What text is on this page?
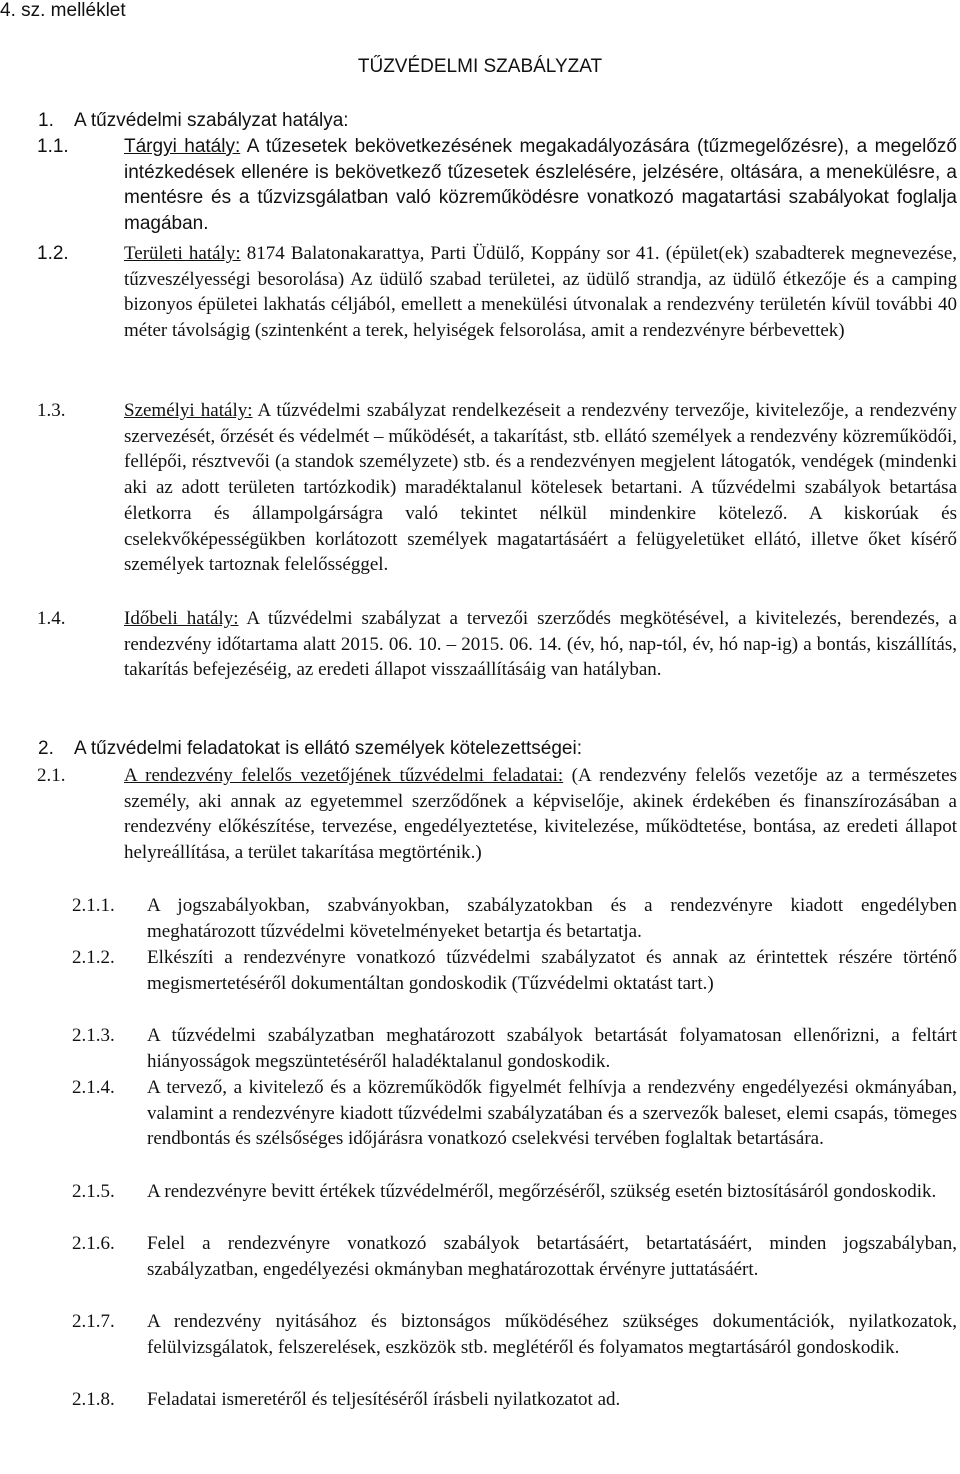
4. sz. melléklet
TŰZVÉDELMI SZABÁLYZAT
1. A tűzvédelmi szabályzat hatálya:
1.1.	Tárgyi hatály: A tűzesetek bekövetkezésének megakadályozására (tűzmegelőzésre), a megelőző intézkedések ellenére is bekövetkező tűzesetek észlelésére, jelzésére, oltására, a menekülésre, a mentésre és a tűzvizsgálatban való közreműködésre vonatkozó magatartási szabályokat foglalja magában.
1.2.	Területi hatály: 8174 Balatonakarattya, Parti Üdülő, Koppány sor 41. (épület(ek) szabadterek megnevezése, tűzveszélyességi besorolása) Az üdülő szabad területei, az üdülő strandja, az üdülő étkezője és a camping bizonyos épületei lakhatás céljából, emellett a menekülési útvonalak a rendezvény területén kívül további 40 méter távolságig (szintenként a terek, helyiségek felsorolása, amit a rendezvényre bérbevettek)
1.3.	Személyi hatály: A tűzvédelmi szabályzat rendelkezéseit a rendezvény tervezője, kivitelezője, a rendezvény szervezését, őrzését és védelmét – működését, a takarítást, stb. ellátó személyek a rendezvény közreműködői, fellépői, résztvevői (a standok személyzete) stb. és a rendezvényen megjelent látogatók, vendégek (mindenki aki az adott területen tartózkodik) maradéktalanul kötelesek betartani. A tűzvédelmi szabályok betartása életkorra és állampolgárságra való tekintet nélkül mindenkire kötelező. A kiskorúak és cselekvőképességükben korlátozott személyek magatartásáért a felügyeletüket ellátó, illetve őket kísérő személyek tartoznak felelősséggel.
1.4.	Időbeli hatály: A tűzvédelmi szabályzat a tervezői szerződés megkötésével, a kivitelezés, berendezés, a rendezvény időtartama alatt 2015. 06. 10. – 2015. 06. 14. (év, hó, nap-tól, év, hó nap-ig) a bontás, kiszállítás, takarítás befejezéséig, az eredeti állapot visszaállításáig van hatályban.
2. A tűzvédelmi feladatokat is ellátó személyek kötelezettségei:
2.1.	A rendezvény felelős vezetőjének tűzvédelmi feladatai: (A rendezvény felelős vezetője az a természetes személy, aki annak az egyetemmel szerződőnek a képviselője, akinek érdekében és finanszírozásában a rendezvény előkészítése, tervezése, engedélyeztetése, kivitelezése, működtetése, bontása, az eredeti állapot helyreállítása, a terület takarítása megtörténik.)
2.1.1. A jogszabályokban, szabványokban, szabályzatokban és a rendezvényre kiadott engedélyben meghatározott tűzvédelmi követelményeket betartja és betartatja.
2.1.2. Elkészíti a rendezvényre vonatkozó tűzvédelmi szabályzatot és annak az érintettek részére történő megismertetéséről dokumentáltan gondoskodik (Tűzvédelmi oktatást tart.)
2.1.3. A tűzvédelmi szabályzatban meghatározott szabályok betartását folyamatosan ellenőrizni, a feltárt hiányosságok megszüntetéséről haladéktalanul gondoskodik.
2.1.4. A tervező, a kivitelező és a közreműködők figyelmét felhívja a rendezvény engedélyezési okmányában, valamint a rendezvényre kiadott tűzvédelmi szabályzatában és a szervezők baleset, elemi csapás, tömeges rendbontás és szélsőséges időjárásra vonatkozó cselekvési tervében foglaltak betartására.
2.1.5. A rendezvényre bevitt értékek tűzvédelméről, megőrzéséről, szükség esetén biztosításáról gondoskodik.
2.1.6. Felel a rendezvényre vonatkozó szabályok betartásáért, betartatásáért, minden jogszabályban, szabályzatban, engedélyezési okmányban meghatározottak érvényre juttatásáért.
2.1.7. A rendezvény nyitásához és biztonságos működéséhez szükséges dokumentációk, nyilatkozatok, felülvizsgálatok, felszerelések, eszközök stb. meglétéről és folyamatos megtartásáról gondoskodik.
2.1.8. Feladatai ismeretéről és teljesítéséről írásbeli nyilatkozatot ad.
